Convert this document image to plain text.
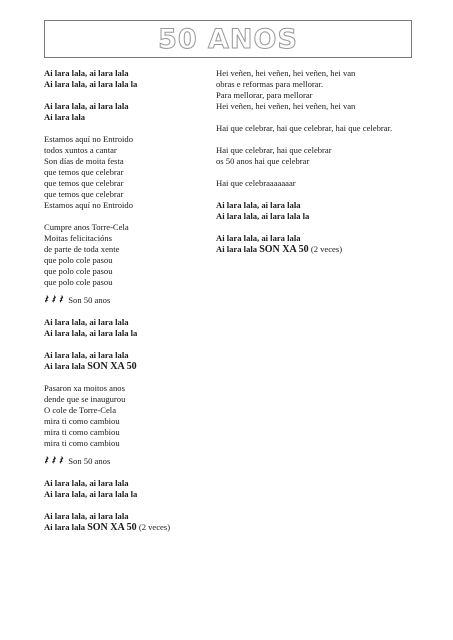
50 ANOS
Ai lara lala, ai lara lala
Ai lara lala, ai lara lala la
Ai lara lala, ai lara lala
Ai lara lala
Estamos aquí no Entroido
todos xuntos a cantar
Son días de moita festa
que temos que celebrar
que temos que celebrar
que temos que celebrar
Estamos aquí no Entroido
Cumpre anos Torre-Cela
Moitas felicitacións
de parte de toda xente
que polo cole pasou
que polo cole pasou
que polo cole pasou
𝄽 𝄽 𝄽 Son 50 anos
Ai lara lala, ai lara lala
Ai lara lala, ai lara lala la
Ai lara lala, ai lara lala
Ai lara lala SON XA 50
Pasaron xa moitos anos
dende que se inaugurou
O cole de Torre-Cela
mira ti como cambiou
mira ti como cambiou
mira ti como cambiou
𝄽 𝄽 𝄽 Son 50 anos
Ai lara lala, ai lara lala
Ai lara lala, ai lara lala la
Ai lara lala, ai lara lala
Ai lara lala SON XA 50 (2 veces)
Hei veñen, hei veñen, hei veñen, hei van
obras e reformas para mellorar.
Para mellorar, para mellorar
Hei veñen, hei veñen, hei veñen, hei van
Hai que celebrar, hai que celebrar, hai que celebrar.
Hai que celebrar, hai que celebrar
os 50 anos hai que celebrar
Hai que celebraaaaaaar
Ai lara lala, ai lara lala
Ai lara lala, ai lara lala la
Ai lara lala, ai lara lala
Ai lara lala SON XA 50 (2 veces)
